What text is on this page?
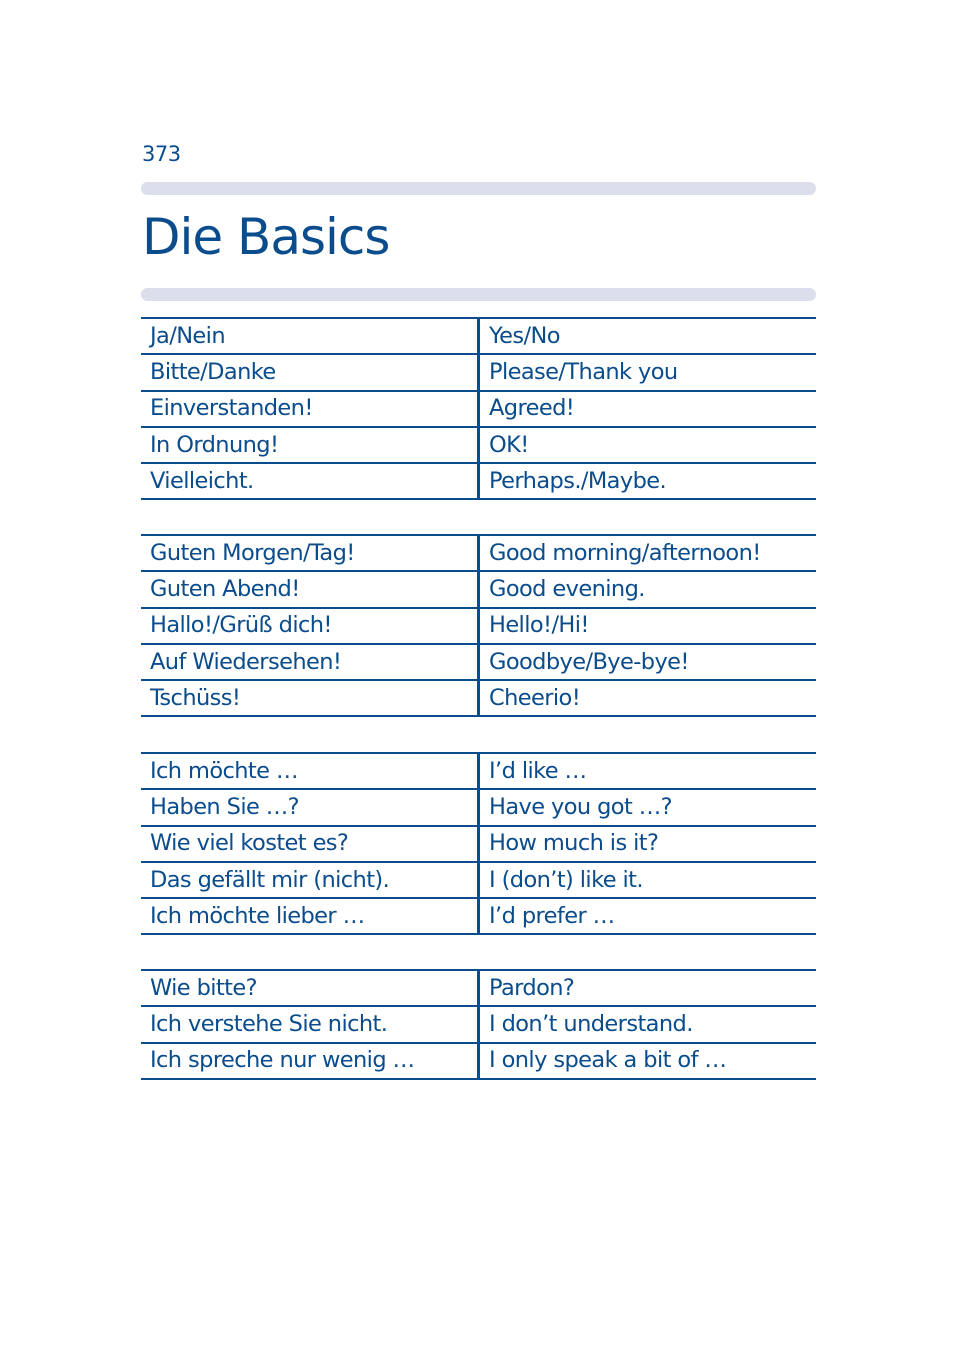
373
Die Basics
Ja/Nein	Yes/No
Bitte/Danke	Please/Thank you
Einverstanden!	Agreed!
In Ordnung!	OK!
Vielleicht.	Perhaps./Maybe.
Guten Morgen/Tag!	Good morning/afternoon!
Guten Abend!	Good evening.
Hallo!/Grüß dich!	Hello!/Hi!
Auf Wiedersehen!	Goodbye/Bye-bye!
Tschüss!	Cheerio!
Ich möchte …	I’d like …
Haben Sie …?	Have you got …?
Wie viel kostet es?	How much is it?
Das gefällt mir (nicht).	I (don’t) like it.
Ich möchte lieber …	I’d prefer …
Wie bitte?	Pardon?
Ich verstehe Sie nicht.	I don’t understand.
Ich spreche nur wenig …	I only speak a bit of …
